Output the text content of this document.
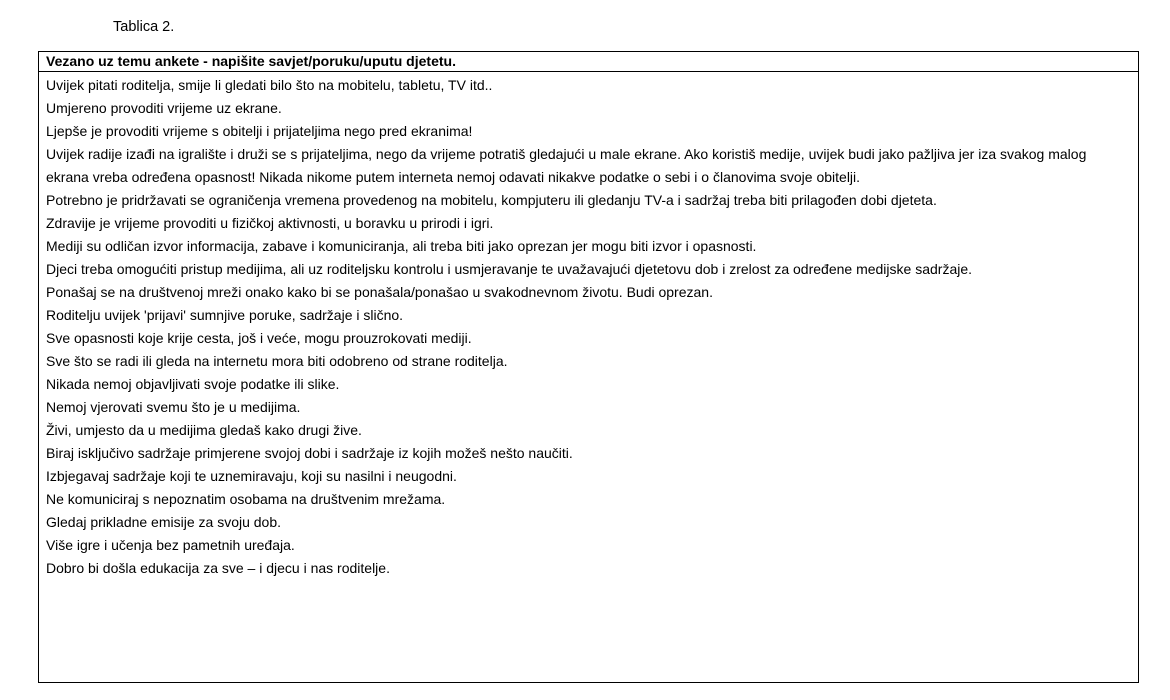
Tablica 2.

Vezano uz temu ankete - napišite savjet/poruku/uputu djetetu.
Uvijek pitati roditelja, smije li gledati bilo što na mobitelu, tabletu, TV itd..
Umjereno provoditi vrijeme uz ekrane.
Ljepše je provoditi vrijeme s obitelji i prijateljima nego pred ekranima!
Uvijek radije izađi na igralište i druži se s prijateljima, nego da vrijeme potratiš gledajući u male ekrane. Ako koristiš medije, uvijek budi jako pažljiva jer iza svakog malog ekrana vreba određena opasnost! Nikada nikome putem interneta nemoj odavati nikakve podatke o sebi i o članovima svoje obitelji.
Potrebno je pridržavati se ograničenja vremena provedenog na mobitelu, kompjuteru ili gledanju TV-a i sadržaj treba biti prilagođen dobi djeteta.
Zdravije je vrijeme provoditi u fizičkoj aktivnosti, u boravku u prirodi i igri.
Mediji su odličan izvor informacija, zabave i komuniciranja, ali treba biti jako oprezan jer mogu biti izvor i opasnosti.
Djeci treba omogućiti pristup medijima, ali uz roditeljsku kontrolu i usmjeravanje te uvažavajući djetetovu dob i zrelost za određene medijske sadržaje.
Ponašaj se na društvenoj mreži onako kako bi se ponašala/ponašao u svakodnevnom životu. Budi oprezan.
Roditelju uvijek 'prijavi' sumnjive poruke, sadržaje i slično.
Sve opasnosti koje krije cesta, još i veće, mogu prouzrokovati mediji.
Sve što se radi ili gleda na internetu mora biti odobreno od strane roditelja.
Nikada nemoj objavljivati svoje podatke ili slike.
Nemoj vjerovati svemu što je u medijima.
Živi, umjesto da u medijima gledaš kako drugi žive.
Biraj isključivo sadržaje primjerene svojoj dobi i sadržaje iz kojih možeš nešto naučiti.
Izbjegavaj sadržaje koji te uznemiravaju, koji su nasilni i neugodni.
Ne komuniciraj s nepoznatim osobama na društvenim mrežama.
Gledaj prikladne emisije za svoju dob.
Više igre i učenja bez pametnih uređaja.
Dobro bi došla edukacija za sve – i djecu i nas roditelje.
